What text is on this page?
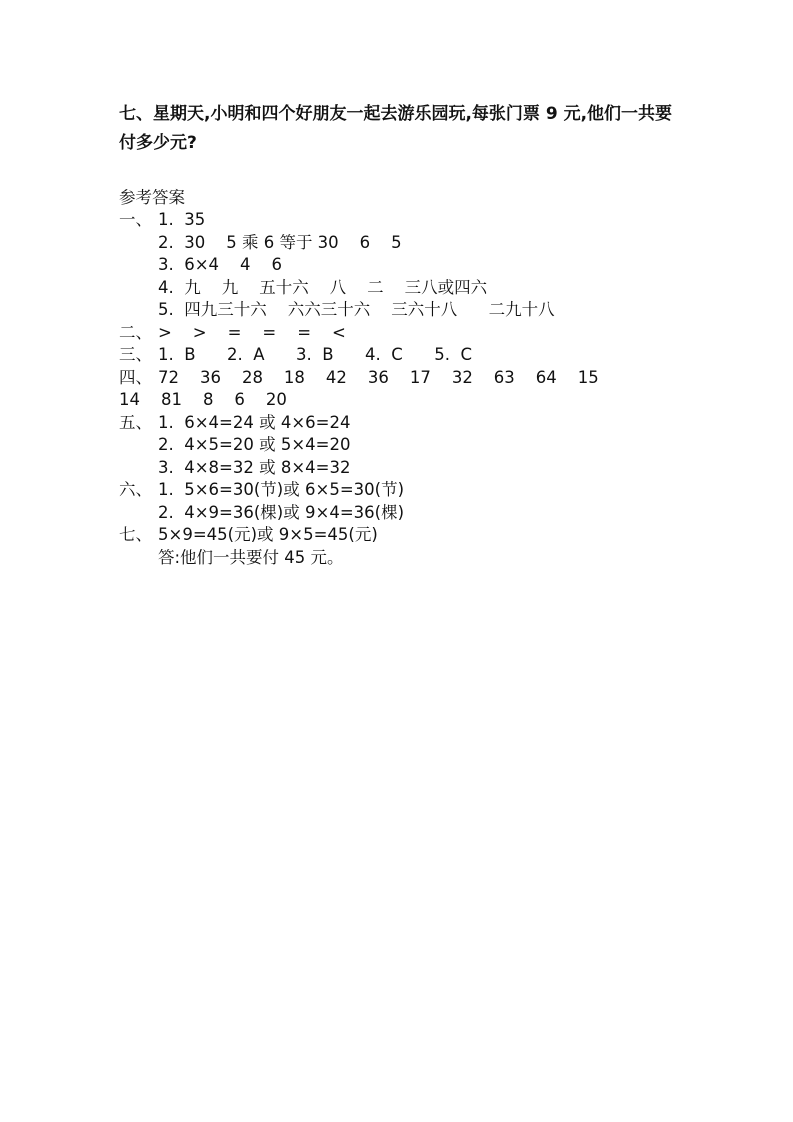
七、星期天,小明和四个好朋友一起去游乐园玩,每张门票 9 元,他们一共要付多少元?

参考答案
一、 1.  35
2.  30    5 乘 6 等于 30    6    5
3.  6×4    4    6
4.  九    九    五十六    八    二    三八或四六
5.  四九三十六    六六三十六    三六十八      二九十八
二、 >    >    =    =    =    <
三、 1.  B      2.  A      3.  B      4.  C      5.  C
四、 72    36    28    18    42    36    17    32    63    64    15
14    81    8    6    20
五、 1.  6×4=24 或 4×6=24
2.  4×5=20 或 5×4=20
3.  4×8=32 或 8×4=32
六、 1.  5×6=30(节)或 6×5=30(节)
2.  4×9=36(棵)或 9×4=36(棵)
七、 5×9=45(元)或 9×5=45(元)
答:他们一共要付 45 元。
